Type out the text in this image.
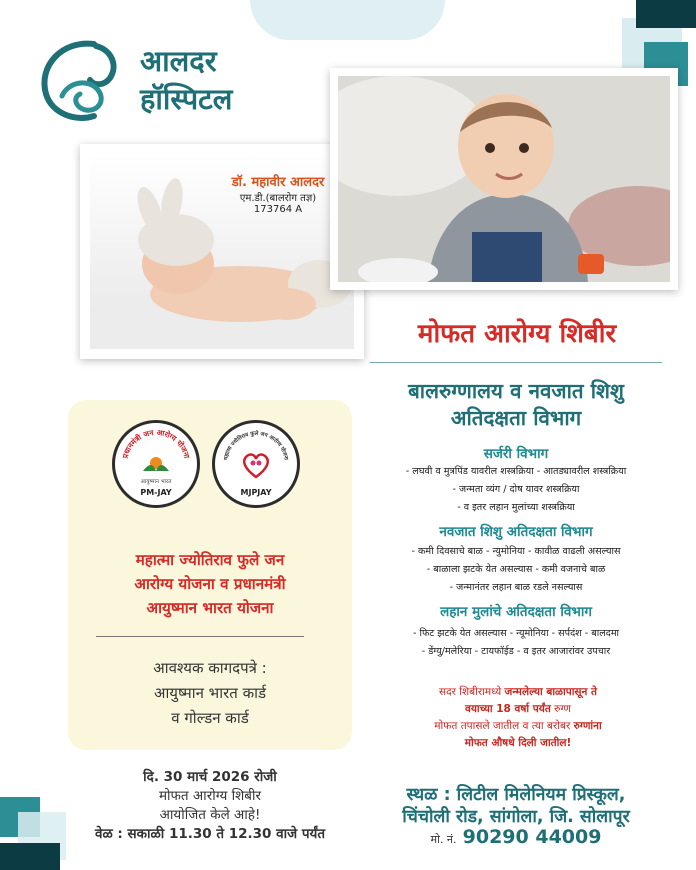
आलदर
हॉस्पिटल
डॉ. महावीर आलदर
एम.डी.(बालरोग तज्ञ)
173764 A
मोफत आरोग्य शिबीर
बालरुग्णालय व नवजात शिशु
अतिदक्षता विभाग
सर्जरी विभाग
- लघवी व मुत्रपिंड यावरील शस्त्रक्रिया - आतड्यावरील शस्त्रक्रिया
- जन्मता व्यंग / दोष यावर शस्त्रक्रिया
- व इतर लहान मुलांच्या शस्त्रक्रिया
नवजात शिशु अतिदक्षता विभाग
- कमी दिवसाचे बाळ - न्युमोनिया - कावीळ वाढली असल्यास
- बाळाला झटके येत असल्यास - कमी वजनाचे बाळ
- जन्मानंतर लहान बाळ रडले नसल्यास
लहान मुलांचे अतिदक्षता विभाग
- फिट झटके येत असल्यास - न्यूमोनिया - सर्पदंश - बालदमा
- डेंग्यु/मलेरिया - टायफॉईड - व इतर आजारांवर उपचार
सदर शिबीरामध्ये जन्मलेल्या बाळापासून ते
वयाच्या 18 वर्षा पर्यंत रुग्ण
मोफत तपासले जातील व त्या बरोबर रुग्णांना
मोफत औषधे दिली जातील!
स्थळ : लिटील मिलेनियम प्रिस्कूल,
चिंचोली रोड, सांगोला, जि. सोलापूर
मो. नं. 90290 44009
प्रधानमंत्री जन आरोग्य योजना
आयुष्मान भारत
PM-JAY
महात्मा ज्योतिराव फुले जन आरोग्य योजना
MJPJAY
महात्मा ज्योतिराव फुले जन
आरोग्य योजना व प्रधानमंत्री
आयुष्मान भारत योजना
आवश्यक कागदपत्रे :
आयुष्मान भारत कार्ड
व गोल्डन कार्ड
दि. 30 मार्च 2026 रोजी
मोफत आरोग्य शिबीर
आयोजित केले आहे!
वेळ : सकाळी 11.30 ते 12.30 वाजे पर्यंत
